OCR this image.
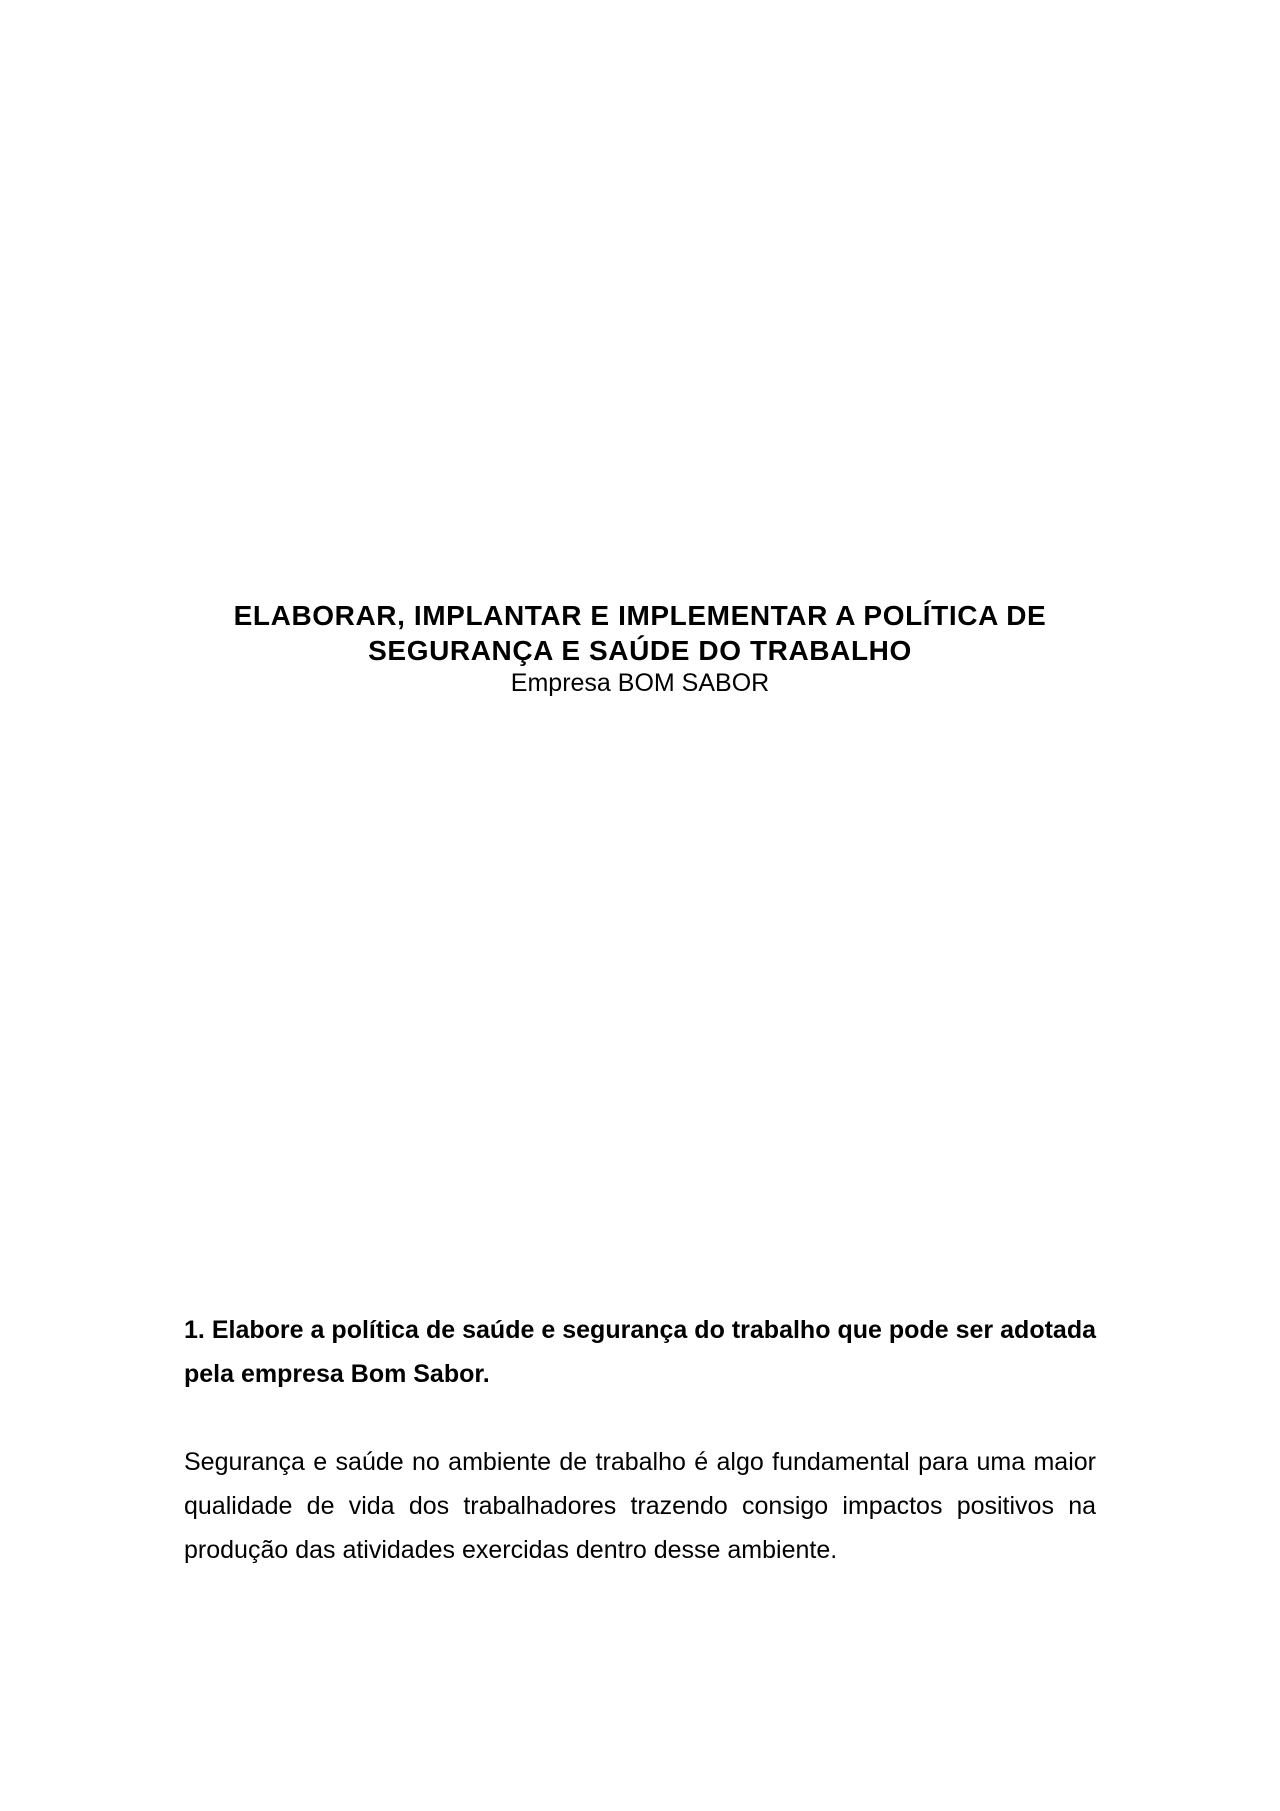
ELABORAR, IMPLANTAR E IMPLEMENTAR A POLÍTICA DE

SEGURANÇA E SAÚDE DO TRABALHO

Empresa BOM SABOR

1. Elabore a política de saúde e segurança do trabalho que pode ser adotada pela empresa Bom Sabor.

Segurança e saúde no ambiente de trabalho é algo fundamental para uma maior qualidade de vida dos trabalhadores trazendo consigo impactos positivos na produção das atividades exercidas dentro desse ambiente.
